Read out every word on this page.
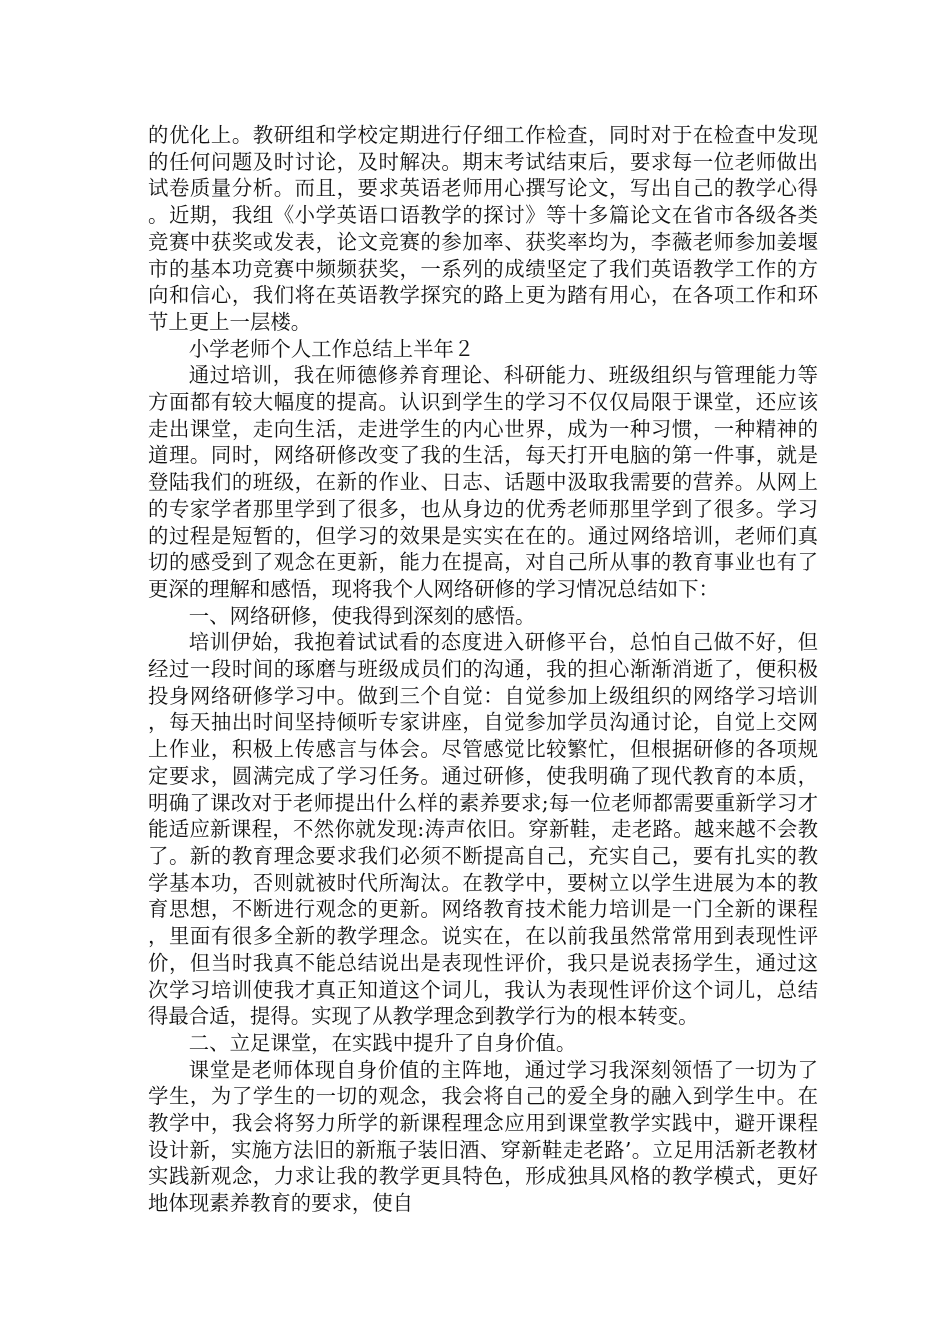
的优化上。教研组和学校定期进行仔细工作检查，同时对于在检查中发现的任何问题及时讨论，及时解决。期末考试结束后，要求每一位老师做出试卷质量分析。而且，要求英语老师用心撰写论文，写出自己的教学心得。近期，我组《小学英语口语教学的探讨》等十多篇论文在省市各级各类竞赛中获奖或发表，论文竞赛的参加率、获奖率均为，李薇老师参加姜堰市的基本功竞赛中频频获奖，一系列的成绩坚定了我们英语教学工作的方向和信心，我们将在英语教学探究的路上更为踏有用心，在各项工作和环节上更上一层楼。

小学老师个人工作总结上半年２

通过培训，我在师德修养育理论、科研能力、班级组织与管理能力等方面都有较大幅度的提高。认识到学生的学习不仅仅局限于课堂，还应该走出课堂，走向生活，走进学生的内心世界，成为一种习惯，一种精神的道理。同时，网络研修改变了我的生活，每天打开电脑的第一件事，就是登陆我们的班级，在新的作业、日志、话题中汲取我需要的营养。从网上的专家学者那里学到了很多，也从身边的优秀老师那里学到了很多。学习的过程是短暂的，但学习的效果是实实在在的。通过网络培训，老师们真切的感受到了观念在更新，能力在提高，对自己所从事的教育事业也有了更深的理解和感悟，现将我个人网络研修的学习情况总结如下：

一、网络研修，使我得到深刻的感悟。

培训伊始，我抱着试试看的态度进入研修平台，总怕自己做不好，但经过一段时间的琢磨与班级成员们的沟通，我的担心渐渐消逝了，便积极投身网络研修学习中。做到三个自觉：自觉参加上级组织的网络学习培训，每天抽出时间坚持倾听专家讲座，自觉参加学员沟通讨论，自觉上交网上作业，积极上传感言与体会。尽管感觉比较繁忙，但根据研修的各项规定要求，圆满完成了学习任务。通过研修，使我明确了现代教育的本质，明确了课改对于老师提出什么样的素养要求;每一位老师都需要重新学习才能适应新课程，不然你就发现:涛声依旧。穿新鞋，走老路。越来越不会教了。新的教育理念要求我们必须不断提高自己，充实自己，要有扎实的教学基本功，否则就被时代所淘汰。在教学中，要树立以学生进展为本的教育思想，不断进行观念的更新。网络教育技术能力培训是一门全新的课程，里面有很多全新的教学理念。说实在，在以前我虽然常常用到表现性评价，但当时我真不能总结说出是表现性评价，我只是说表扬学生，通过这次学习培训使我才真正知道这个词儿，我认为表现性评价这个词儿，总结得最合适，提得。实现了从教学理念到教学行为的根本转变。

二、立足课堂，在实践中提升了自身价值。

课堂是老师体现自身价值的主阵地，通过学习我深刻领悟了一切为了学生，为了学生的一切的观念，我会将自己的爱全身的融入到学生中。在教学中，我会将努力所学的新课程理念应用到课堂教学实践中，避开课程设计新，实施方法旧的新瓶子装旧酒、穿新鞋走老路’。立足用活新老教材实践新观念，力求让我的教学更具特色，形成独具风格的教学模式，更好地体现素养教育的要求，使自
